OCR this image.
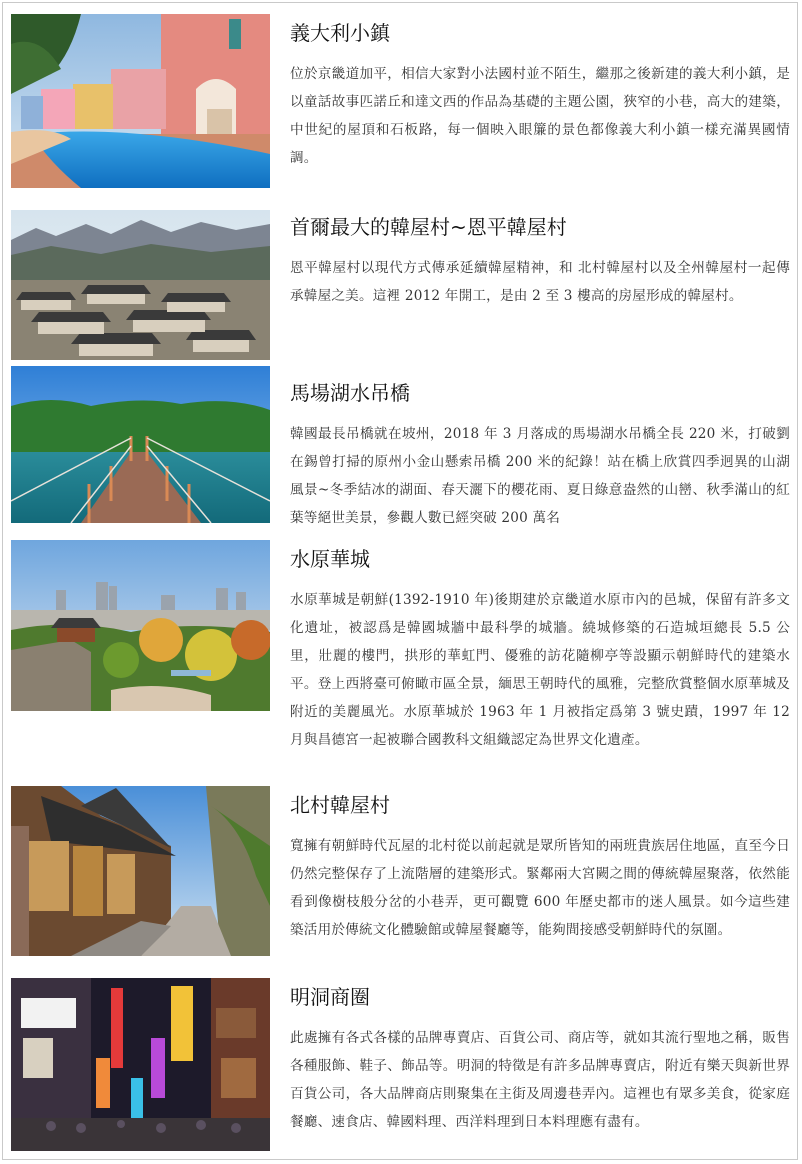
義大利小鎮

位於京畿道加平，相信大家對小法國村並不陌生，繼那之後新建的義大利小鎮，是以童話故事匹諾丘和達文西的作品為基礎的主題公園，狹窄的小巷，高大的建築，中世紀的屋頂和石板路，每一個映入眼簾的景色都像義大利小鎮一樣充滿異國情調。

首爾最大的韓屋村~恩平韓屋村

恩平韓屋村以現代方式傳承延續韓屋精神，和 北村韓屋村以及全州韓屋村一起傳承韓屋之美。這裡 2012 年開工，是由 2 至 3 樓高的房屋形成的韓屋村。

馬場湖水吊橋

韓國最長吊橋就在坡州，2018 年 3 月落成的馬場湖水吊橋全長 220 米，打破劉在錫曾打掃的原州小金山懸索吊橋 200 米的紀錄！站在橋上欣賞四季迥異的山湖風景~冬季結冰的湖面、春天灑下的櫻花雨、夏日綠意盎然的山巒、秋季滿山的紅葉等絕世美景，參觀人數已經突破 200 萬名

水原華城

水原華城是朝鮮(1392-1910 年)後期建於京畿道水原市內的邑城，保留有許多文化遺址，被認爲是韓國城牆中最科學的城牆。繞城修築的石造城垣總長 5.5 公里，壯麗的樓門，拱形的華虹門、優雅的訪花隨柳亭等設顯示朝鮮時代的建築水平。登上西將臺可俯瞰市區全景，緬思王朝時代的風雅，完整欣賞整個水原華城及附近的美麗風光。水原華城於 1963 年 1 月被指定爲第 3 號史蹟，1997 年 12 月與昌德宮一起被聯合國教科文組織認定為世界文化遺產。

北村韓屋村

寬擁有朝鮮時代瓦屋的北村從以前起就是眾所皆知的兩班貴族居住地區，直至今日仍然完整保存了上流階層的建築形式。緊鄰兩大宮闕之間的傳統韓屋聚落，依然能看到像樹枝般分岔的小巷弄，更可觀覽 600 年歷史都市的迷人風景。如今這些建築活用於傳統文化體驗館或韓屋餐廳等，能夠間接感受朝鮮時代的氛圍。

明洞商圈

此處擁有各式各樣的品牌專賣店、百貨公司、商店等，就如其流行聖地之稱，販售各種服飾、鞋子、飾品等。明洞的特徵是有許多品牌專賣店，附近有樂天與新世界百貨公司，各大品牌商店則聚集在主街及周邊巷弄內。這裡也有眾多美食，從家庭餐廳、速食店、韓國料理、西洋料理到日本料理應有盡有。
